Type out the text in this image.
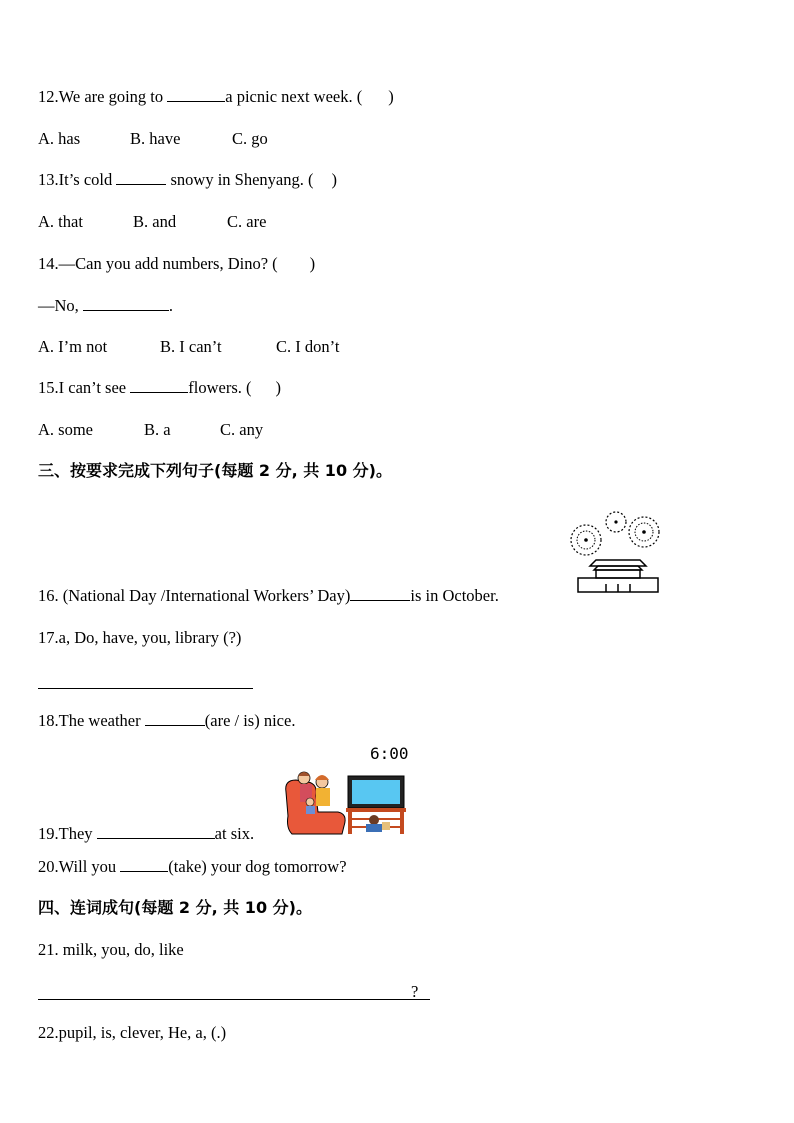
12.We are going to	a picnic next week. ( )
A. has	B. have	C. go
13.It’s cold	snowy in Shenyang. ( )
A. that	B. and	C. are
14.—Can you add numbers, Dino? ( )
—No,	.
A. I’m not	B. I can’t	C. I don’t
15.I can’t see	flowers. ( )
A. some	B. a	C. any
三、按要求完成下列句子(每题 2 分, 共 10 分)。
16. (National Day /International Workers’ Day)	is in October.
17.a, Do, have, you, library (?)
18.The weather	(are / is) nice.
6:00
19.They	at six.
20.Will you	(take) your dog tomorrow?
四、连词成句(每题 2 分, 共 10 分)。
21. milk, you, do, like
?
22.pupil, is, clever, He, a, (.)
